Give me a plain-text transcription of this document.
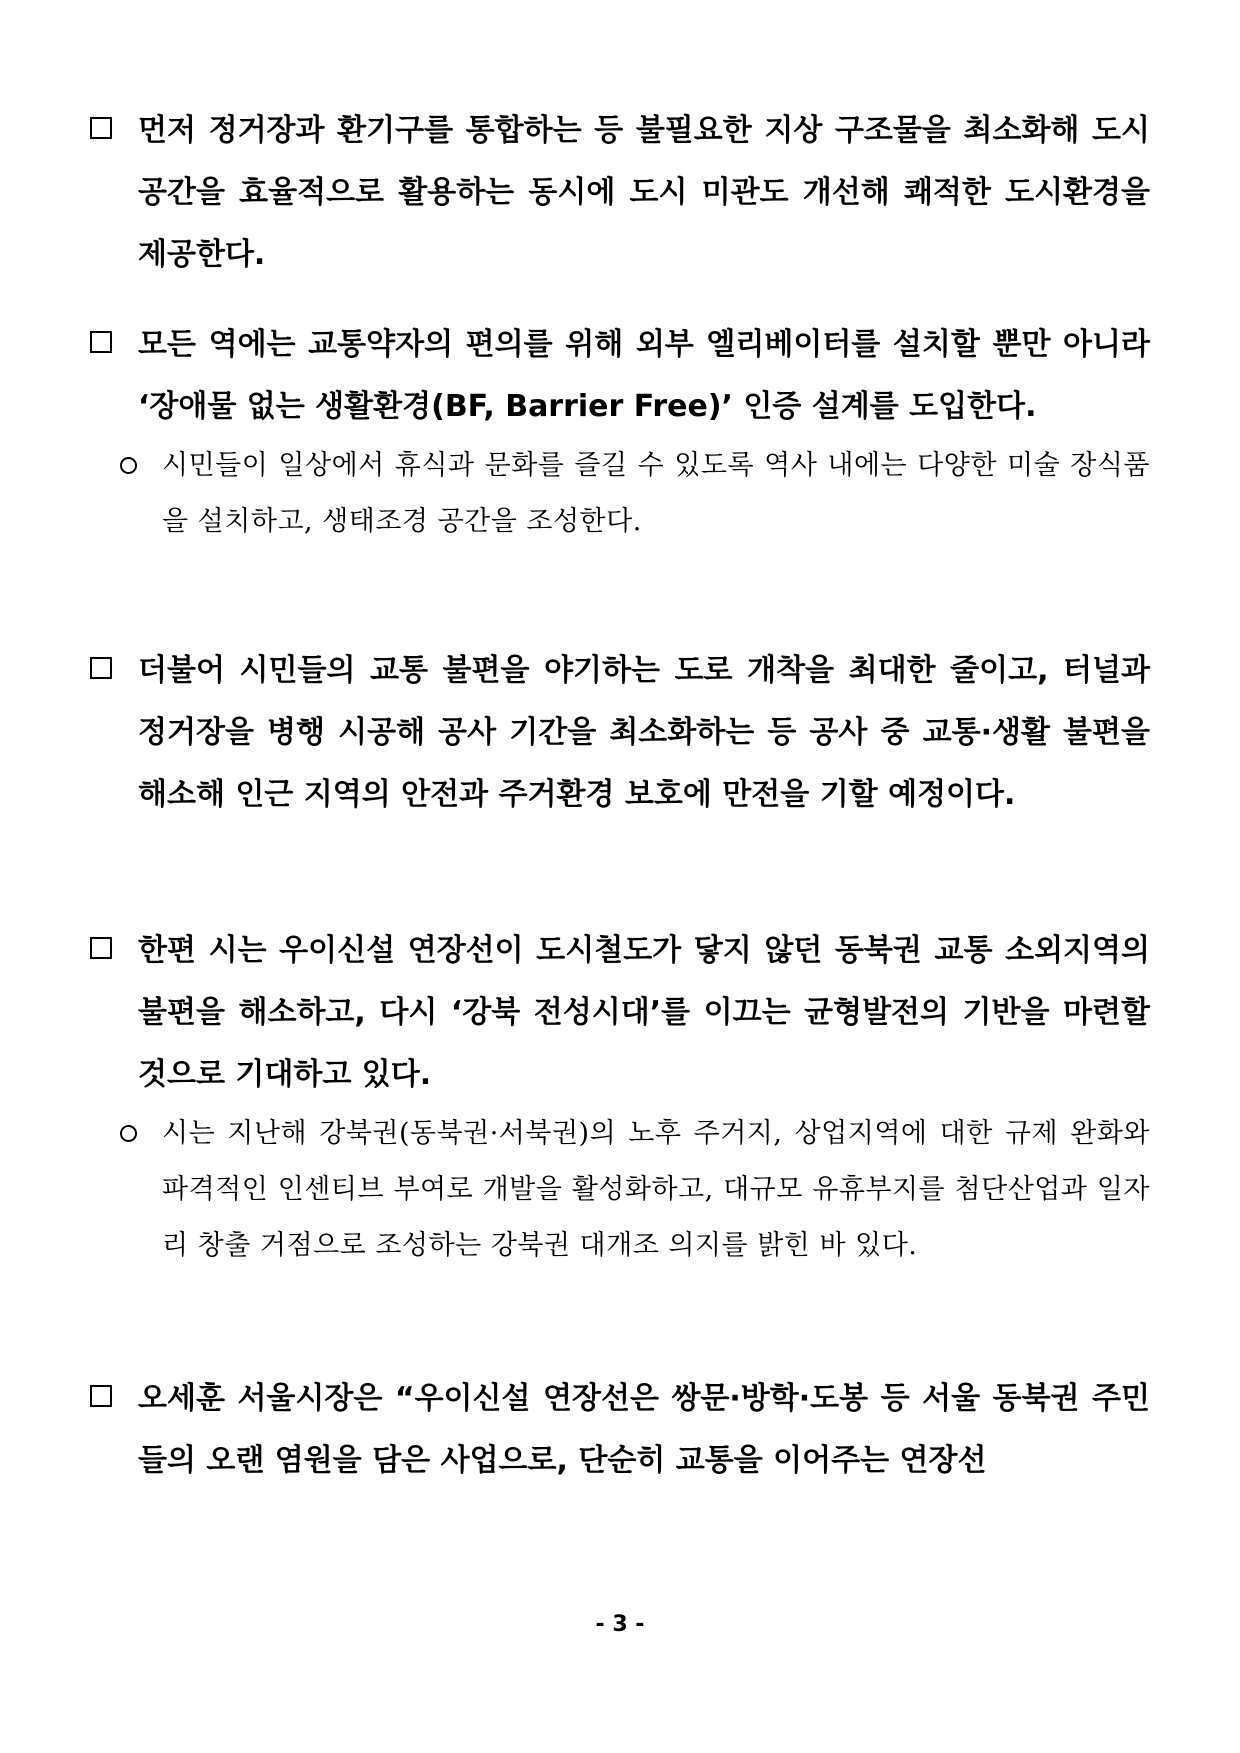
먼저 정거장과 환기구를 통합하는 등 불필요한 지상 구조물을 최소화해 도시 공간을 효율적으로 활용하는 동시에 도시 미관도 개선해 쾌적한 도시환경을 제공한다.
모든 역에는 교통약자의 편의를 위해 외부 엘리베이터를 설치할 뿐만 아니라 ‘장애물 없는 생활환경(BF, Barrier Free)’ 인증 설계를 도입한다.
시민들이 일상에서 휴식과 문화를 즐길 수 있도록 역사 내에는 다양한 미술 장식품을 설치하고, 생태조경 공간을 조성한다.
더불어 시민들의 교통 불편을 야기하는 도로 개착을 최대한 줄이고, 터널과 정거장을 병행 시공해 공사 기간을 최소화하는 등 공사 중 교통·생활 불편을 해소해 인근 지역의 안전과 주거환경 보호에 만전을 기할 예정이다.
한편 시는 우이신설 연장선이 도시철도가 닿지 않던 동북권 교통 소외지역의 불편을 해소하고, 다시 ‘강북 전성시대’를 이끄는 균형발전의 기반을 마련할 것으로 기대하고 있다.
시는 지난해 강북권(동북권·서북권)의 노후 주거지, 상업지역에 대한 규제 완화와 파격적인 인센티브 부여로 개발을 활성화하고, 대규모 유휴부지를 첨단산업과 일자리 창출 거점으로 조성하는 강북권 대개조 의지를 밝힌 바 있다.
오세훈 서울시장은 “우이신설 연장선은 쌍문·방학·도봉 등 서울 동북권 주민들의 오랜 염원을 담은 사업으로, 단순히 교통을 이어주는 연장선
- 3 -
